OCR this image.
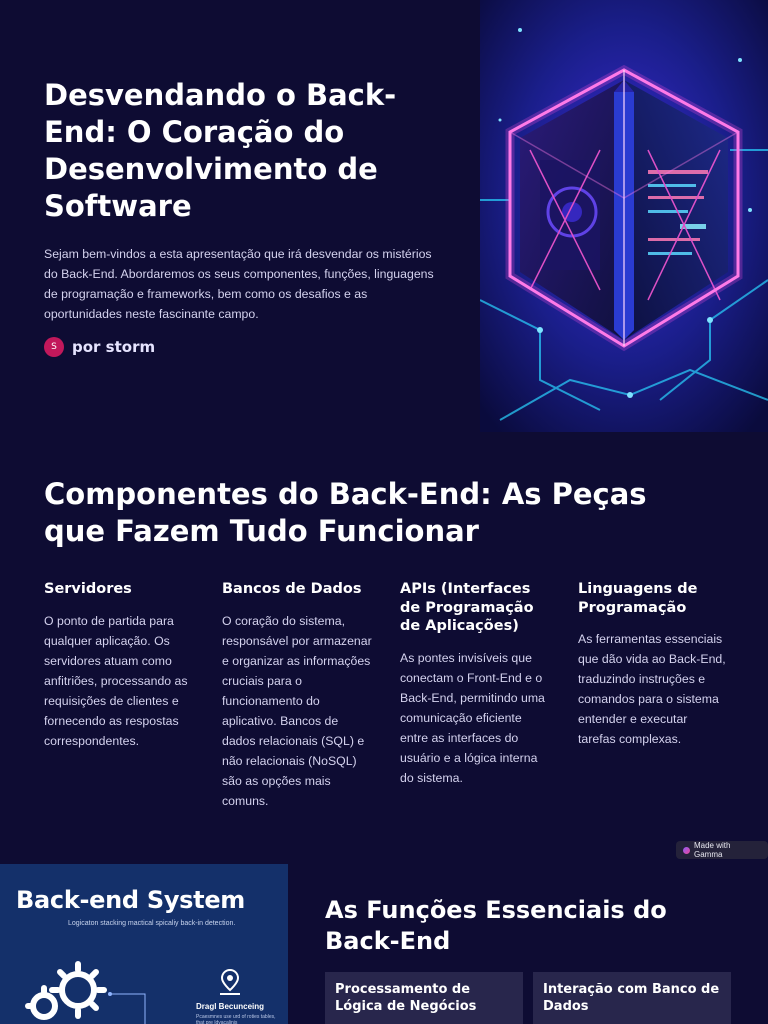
Desvendando o Back-End: O Coração do Desenvolvimento de Software

Sejam bem-vindos a esta apresentação que irá desvendar os mistérios do Back-End. Abordaremos os seus componentes, funções, linguagens de programação e frameworks, bem como os desafios e as oportunidades neste fascinante campo.

S	por storm
Componentes do Back-End: As Peças que Fazem Tudo Funcionar
Servidores

O ponto de partida para qualquer aplicação. Os servidores atuam como anfitriões, processando as requisições de clientes e fornecendo as respostas correspondentes.

Bancos de Dados

O coração do sistema, responsável por armazenar e organizar as informações cruciais para o funcionamento do aplicativo. Bancos de dados relacionais (SQL) e não relacionais (NoSQL) são as opções mais comuns.

APIs (Interfaces de Programação de Aplicações)

As pontes invisíveis que conectam o Front-End e o Back-End, permitindo uma comunicação eficiente entre as interfaces do usuário e a lógica interna do sistema.

Linguagens de Programação

As ferramentas essenciais que dão vida ao Back-End, traduzindo instruções e comandos para o sistema entender e executar tarefas complexas.

Made with Gamma
Back-end System
Logicaton stacking mactical spicaliy back-in detection.
Dragl Becunceing
Pcaesmnes use urd of roties tables, that pre ldyacalinis
As Funções Essenciais do Back-End
Processamento de Lógica de Negócios
Interação com Banco de Dados
